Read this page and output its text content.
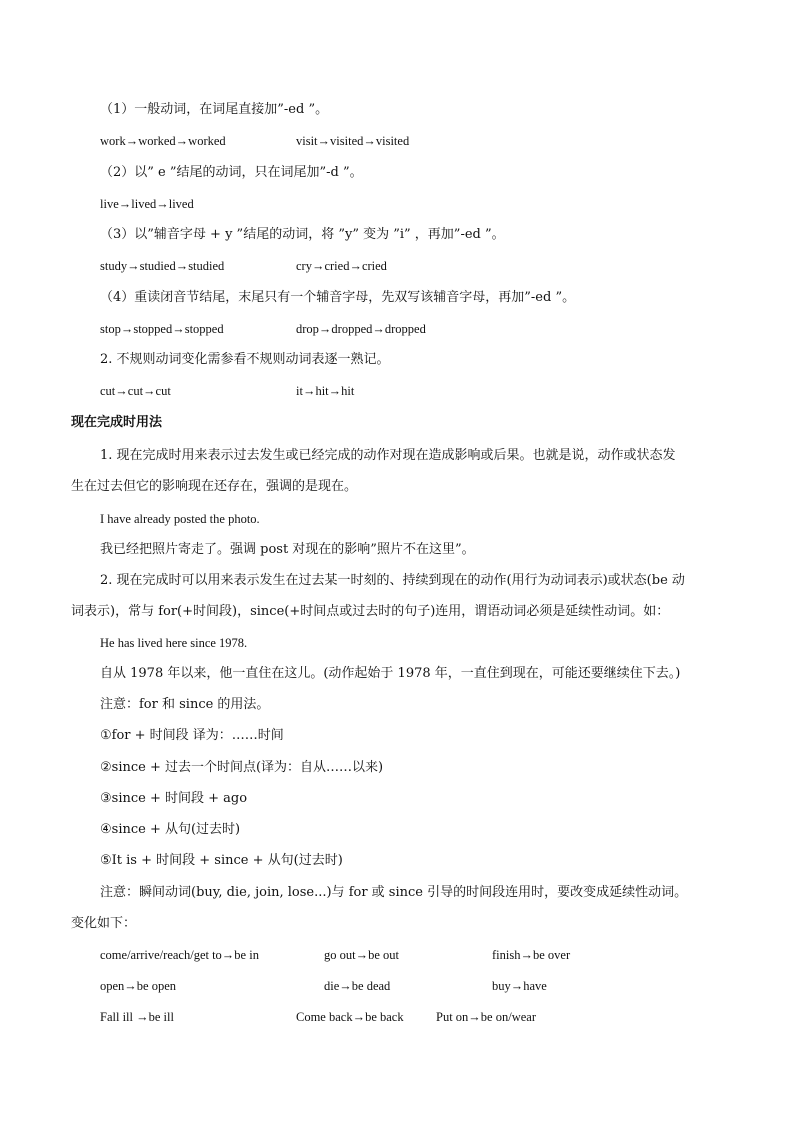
（1）一般动词，在词尾直接加”-ed ”。
work→worked→worked	visit→visited→visited
（2）以” e ”结尾的动词，只在词尾加”-d ”。
live→lived→lived
（3）以”辅音字母 + y ”结尾的动词，将 ”y” 变为 ”i” ，再加”-ed ”。
study→studied→studied	cry→cried→cried
（4）重读闭音节结尾，末尾只有一个辅音字母，先双写该辅音字母，再加”-ed ”。
stop→stopped→stopped	drop→dropped→dropped
2. 不规则动词变化需参看不规则动词表逐一熟记。
cut→cut→cut	it→hit→hit
现在完成时用法
1. 现在完成时用来表示过去发生或已经完成的动作对现在造成影响或后果。也就是说，动作或状态发
生在过去但它的影响现在还存在，强调的是现在。
I have already posted the photo.
我已经把照片寄走了。强调 post 对现在的影响”照片不在这里”。
2. 现在完成时可以用来表示发生在过去某一时刻的、持续到现在的动作(用行为动词表示)或状态(be 动
词表示)，常与 for(+时间段)，since(+时间点或过去时的句子)连用，谓语动词必须是延续性动词。如：
He has lived here since 1978.
自从 1978 年以来，他一直住在这儿。(动作起始于 1978 年，一直住到现在，可能还要继续住下去。)
注意：for 和 since 的用法。
①for + 时间段 译为：……时间
②since + 过去一个时间点(译为：自从……以来)
③since + 时间段 + ago
④since + 从句(过去时)
⑤It is + 时间段 + since + 从句(过去时)
注意：瞬间动词(buy, die, join, lose...)与 for 或 since 引导的时间段连用时，要改变成延续性动词。
变化如下：
come/arrive/reach/get to→be in	go out→be out	finish→be over
open→be open	die→be dead	buy→have
Fall ill →be ill	Come back→be back	Put on→be on/wear
